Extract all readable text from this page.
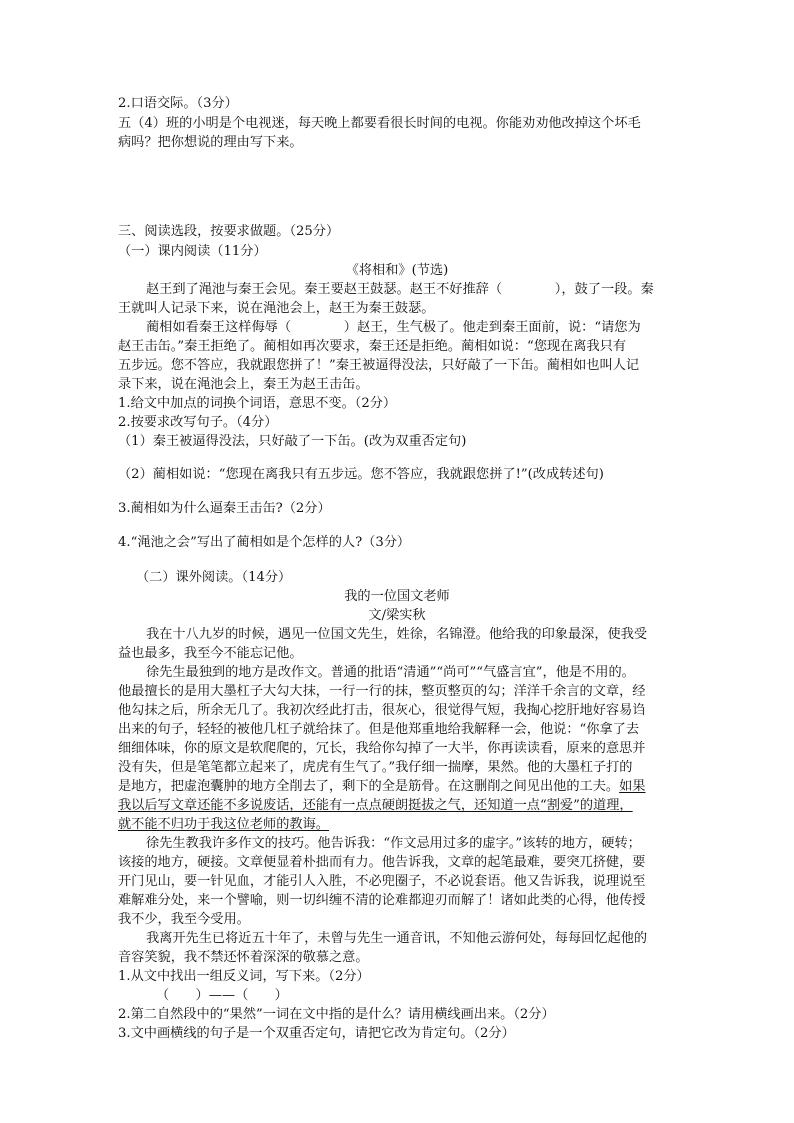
2.口语交际。（3分）
五（4）班的小明是个电视迷，每天晚上都要看很长时间的电视。你能劝劝他改掉这个坏毛
病吗？把你想说的理由写下来。
三、阅读选段，按要求做题。（25分）
（一）课内阅读（11分）
《将相和》(节选)
赵王到了渑池与秦王会见。秦王要赵王鼓瑟。赵王不好推辞（　　　　），鼓了一段。秦
王就叫人记录下来，说在渑池会上，赵王为秦王鼓瑟。
蔺相如看秦王这样侮辱（　　　　）赵王，生气极了。他走到秦王面前，说：“请您为
赵王击缶。”秦王拒绝了。蔺相如再次要求，秦王还是拒绝。蔺相如说：“您现在离我只有
五步远。您不答应，我就跟您拼了！”秦王被逼得没法，只好敲了一下缶。蔺相如也叫人记
录下来，说在渑池会上，秦王为赵王击缶。
1.给文中加点的词换个词语，意思不变。（2分）
2.按要求改写句子。（4分）
（1）秦王被逼得没法，只好敲了一下缶。(改为双重否定句)
（2）蔺相如说：“您现在离我只有五步远。您不答应，我就跟您拼了!”(改成转述句)
3.蔺相如为什么逼秦王击缶?（2分）
4.“渑池之会”写出了蔺相如是个怎样的人?（3分）
（二）课外阅读。（14分）
我的一位国文老师
文/梁实秋
我在十八九岁的时候，遇见一位国文先生，姓徐，名锦澄。他给我的印象最深，使我受
益也最多，我至今不能忘记他。
徐先生最独到的地方是改作文。普通的批语“清通”“尚可”“气盛言宜”，他是不用的。
他最擅长的是用大墨杠子大勾大抹，一行一行的抹，整页整页的勾；洋洋千余言的文章，经
他勾抹之后，所余无几了。我初次经此打击，很灰心，很觉得气短，我掏心挖肝地好容易诌
出来的句子，轻轻的被他几杠子就给抹了。但是他郑重地给我解释一会，他说：“你拿了去
细细体味，你的原文是软爬爬的，冗长，我给你勾掉了一大半，你再读读看，原来的意思并
没有失，但是笔笔都立起来了，虎虎有生气了。”我仔细一揣摩，果然。他的大墨杠子打的
是地方，把虚泡囊肿的地方全削去了，剩下的全是筋骨。在这删削之间见出他的工夫。如果
我以后写文章还能不多说废话，还能有一点点硬朗挺拔之气，还知道一点“割爱”的道理，
就不能不归功于我这位老师的教诲。
徐先生教我许多作文的技巧。他告诉我：“作文忌用过多的虚字。”该转的地方，硬转；
该接的地方，硬接。文章便显着朴拙而有力。他告诉我，文章的起笔最难，要突兀挤健，要
开门见山，要一针见血，才能引人入胜，不必兜圈子，不必说套语。他又告诉我，说理说至
难解难分处，来一个譬喻，则一切纠缠不清的论难都迎刃而解了！诸如此类的心得，他传授
我不少，我至今受用。
我离开先生已将近五十年了，未曾与先生一通音讯，不知他云游何处，每每回忆起他的
音容笑貌，我不禁还怀着深深的敬慕之意。
1.从文中找出一组反义词，写下来。（2分）
（　　）——（　　）
2.第二自然段中的“果然”一词在文中指的是什么？请用横线画出来。（2分）
3.文中画横线的句子是一个双重否定句，请把它改为肯定句。（2分）
